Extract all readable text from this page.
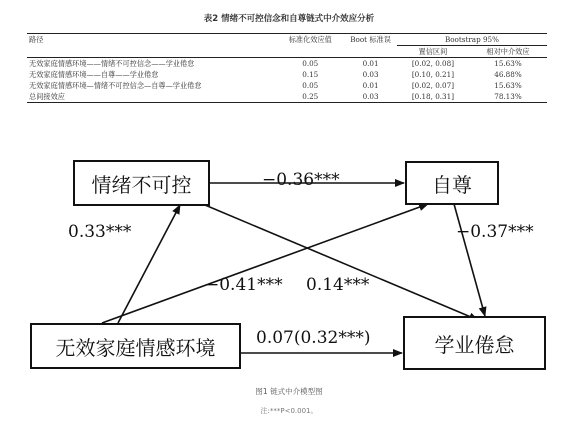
表2 情绪不可控信念和自尊链式中介效应分析
路径	标准化效应值	Boot 标准误	Bootstrap 95%	
			置信区间	相对中介效应
无效家庭情感环境——情绪不可控信念——学业倦怠	0.05	0.01	[0.02, 0.08]	15.63%
无效家庭情感环境——自尊——学业倦怠	0.15	0.03	[0.10, 0.21]	46.88%
无效家庭情感环境—情绪不可控信念—自尊—学业倦怠	0.05	0.01	[0.02, 0.07]	15.63%
总间接效应	0.25	0.03	[0.18, 0.31]	78.13%
情绪不可控	自尊
无效家庭情感环境	学业倦怠
−0.36***
0.33***	−0.37***
−0.41*** 0.14***
0.07(0.32***)
图1 链式中介模型图
注:***P<0.001。
